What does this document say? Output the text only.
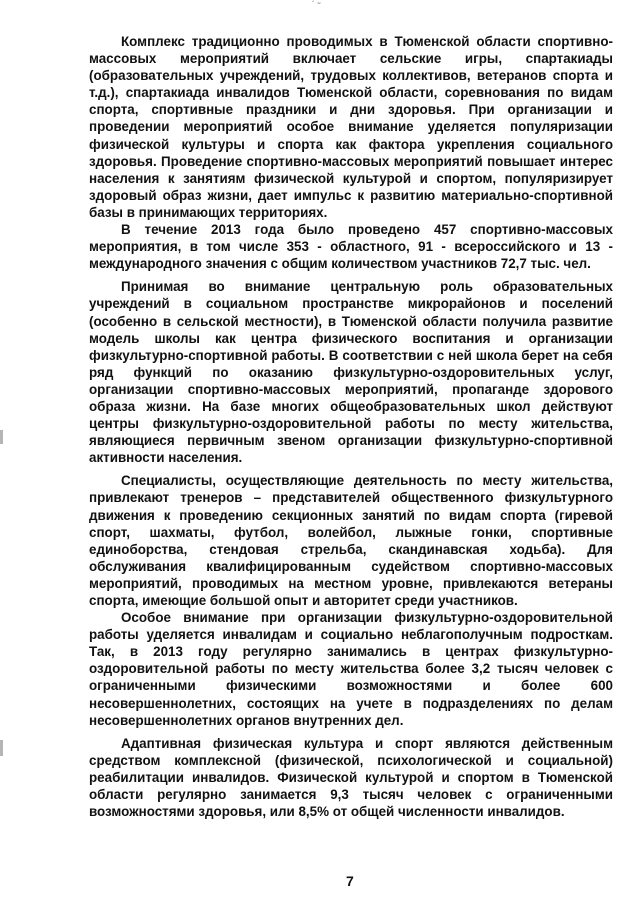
́ ̃

Комплекс традиционно проводимых в Тюменской области спортивно-массовых мероприятий включает сельские игры, спартакиады (образовательных учреждений, трудовых коллективов, ветеранов спорта и т.д.), спартакиада инвалидов Тюменской области, соревнования по видам спорта, спортивные праздники и дни здоровья. При организации и проведении мероприятий особое внимание уделяется популяризации физической культуры и спорта как фактора укрепления социального здоровья. Проведение спортивно-массовых мероприятий повышает интерес населения к занятиям физической культурой и спортом, популяризирует здоровый образ жизни, дает импульс к развитию материально-спортивной базы в принимающих территориях.

В течение 2013 года было проведено 457 спортивно-массовых мероприятия, в том числе 353 - областного, 91 - всероссийского и 13 - международного значения с общим количеством участников 72,7 тыс. чел.

Принимая во внимание центральную роль образовательных учреждений в социальном пространстве микрорайонов и поселений (особенно в сельской местности), в Тюменской области получила развитие модель школы как центра физического воспитания и организации физкультурно-спортивной работы. В соответствии с ней школа берет на себя ряд функций по оказанию физкультурно-оздоровительных услуг, организации спортивно-массовых мероприятий, пропаганде здорового образа жизни. На базе многих общеобразовательных школ действуют центры физкультурно-оздоровительной работы по месту жительства, являющиеся первичным звеном организации физкультурно-спортивной активности населения.

Специалисты, осуществляющие деятельность по месту жительства, привлекают тренеров – представителей общественного физкультурного движения к проведению секционных занятий по видам спорта (гиревой спорт, шахматы, футбол, волейбол, лыжные гонки, спортивные единоборства, стендовая стрельба, скандинавская ходьба). Для обслуживания квалифицированным судейством спортивно-массовых мероприятий, проводимых на местном уровне, привлекаются ветераны спорта, имеющие большой опыт и авторитет среди участников.

Особое внимание при организации физкультурно-оздоровительной работы уделяется инвалидам и социально неблагополучным подросткам. Так, в 2013 году регулярно занимались в центрах физкультурно-оздоровительной работы по месту жительства более 3,2 тысяч человек с ограниченными физическими возможностями и более 600 несовершеннолетних, состоящих на учете в подразделениях по делам несовершеннолетних органов внутренних дел.

Адаптивная физическая культура и спорт являются действенным средством комплексной (физической, психологической и социальной) реабилитации инвалидов. Физической культурой и спортом в Тюменской области регулярно занимается 9,3 тысяч человек с ограниченными возможностями здоровья, или 8,5% от общей численности инвалидов.

7
